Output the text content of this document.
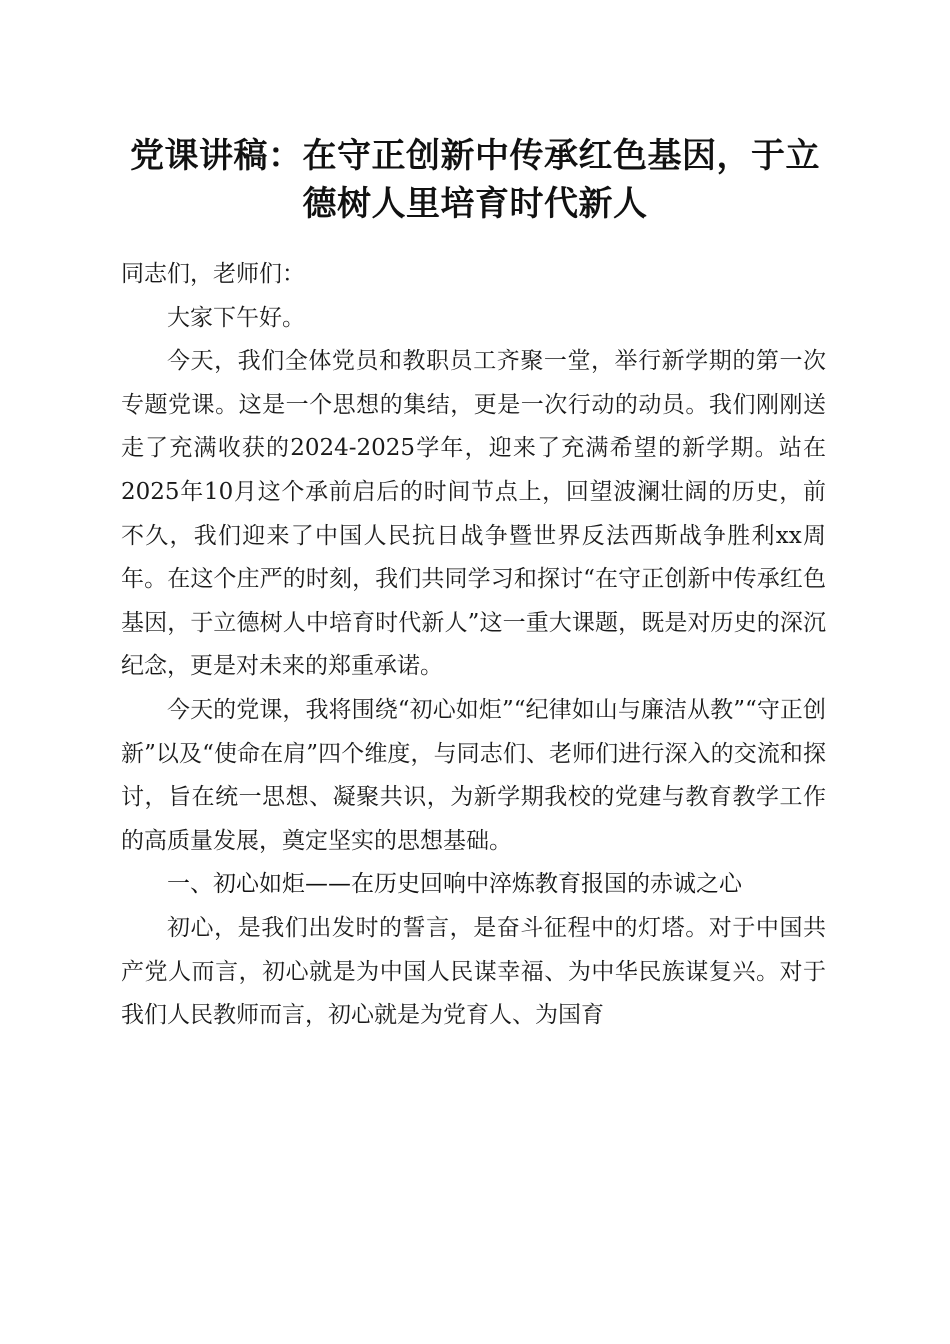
党课讲稿：在守正创新中传承红色基因，于立
德树人里培育时代新人

同志们，老师们：

大家下午好。

今天，我们全体党员和教职员工齐聚一堂，举行新学期的第一次专题党课。这是一个思想的集结，更是一次行动的动员。我们刚刚送走了充满收获的2024-2025学年，迎来了充满希望的新学期。站在2025年10月这个承前启后的时间节点上，回望波澜壮阔的历史，前不久，我们迎来了中国人民抗日战争暨世界反法西斯战争胜利xx周年。在这个庄严的时刻，我们共同学习和探讨“在守正创新中传承红色基因，于立德树人中培育时代新人”这一重大课题，既是对历史的深沉纪念，更是对未来的郑重承诺。

今天的党课，我将围绕“初心如炬”“纪律如山与廉洁从教”“守正创新”以及“使命在肩”四个维度，与同志们、老师们进行深入的交流和探讨，旨在统一思想、凝聚共识，为新学期我校的党建与教育教学工作的高质量发展，奠定坚实的思想基础。

一、初心如炬——在历史回响中淬炼教育报国的赤诚之心

初心，是我们出发时的誓言，是奋斗征程中的灯塔。对于中国共产党人而言，初心就是为中国人民谋幸福、为中华民族谋复兴。对于我们人民教师而言，初心就是为党育人、为国育
